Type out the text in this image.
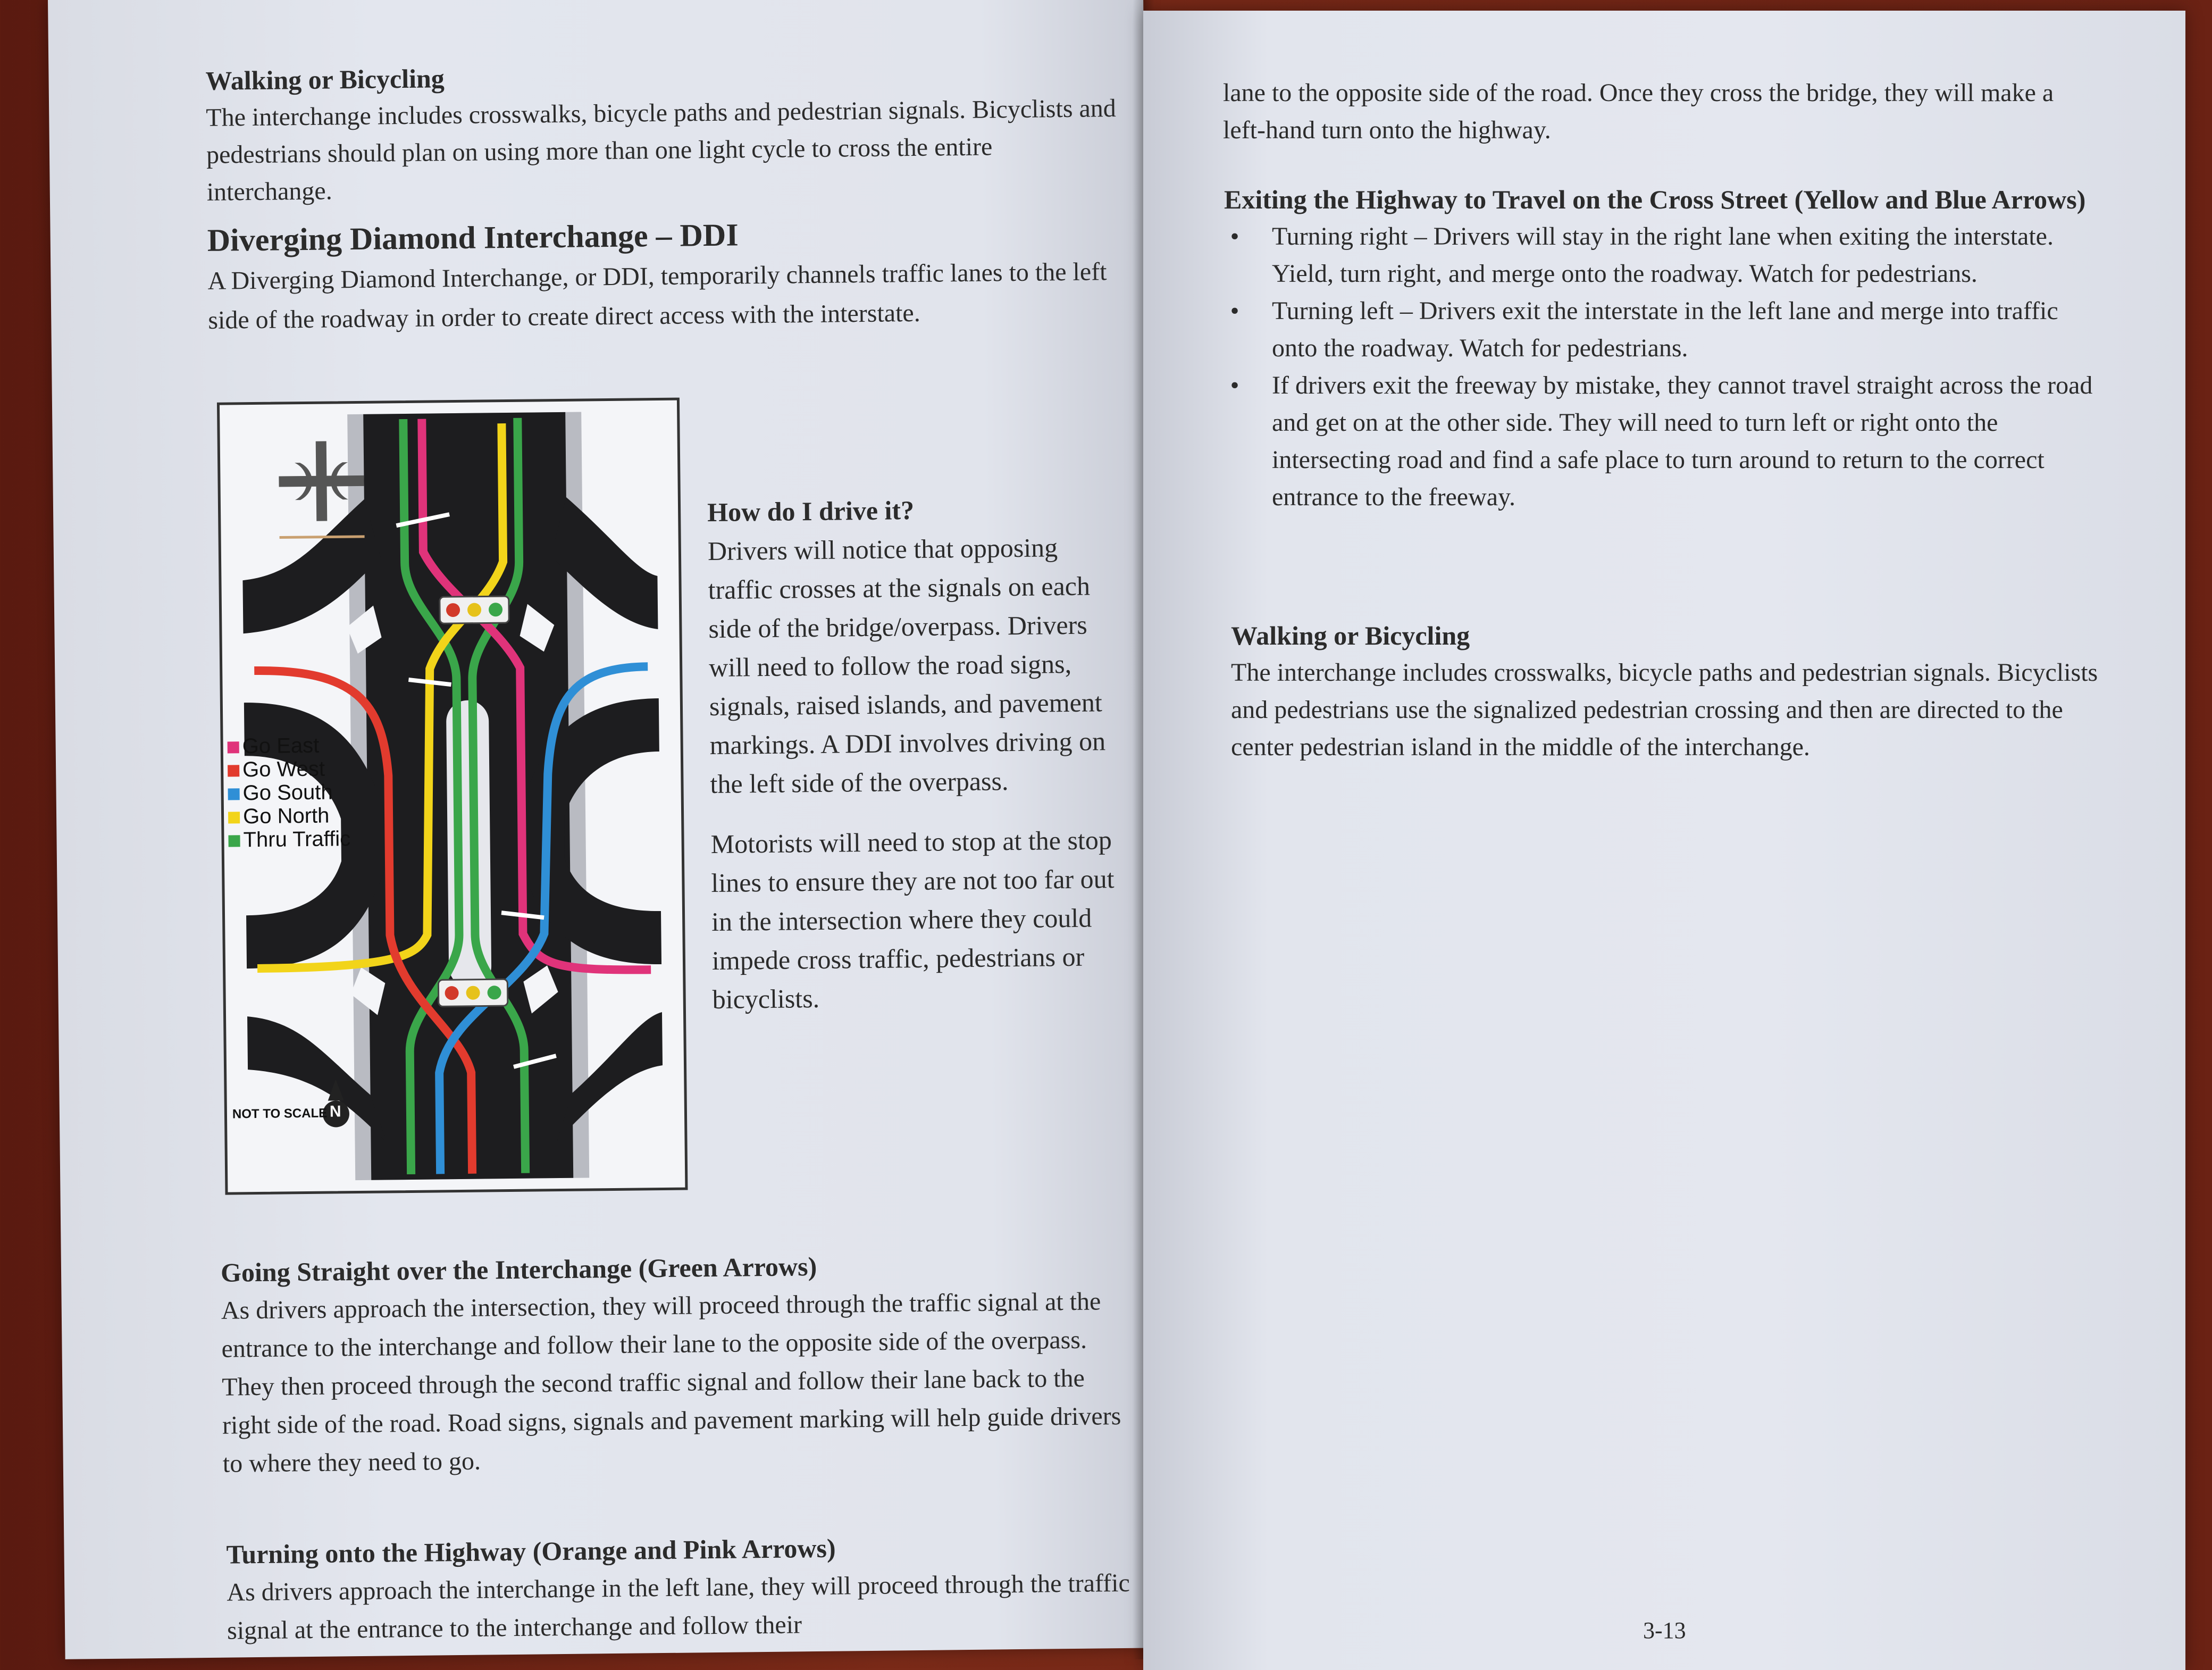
Walking or Bicycling

The interchange includes crosswalks, bicycle paths and pedestrian signals. Bicyclists and pedestrians should plan on using more than one light cycle to cross the entire interchange.

Diverging Diamond Interchange – DDI

A Diverging Diamond Interchange, or DDI, temporarily channels traffic lanes to the left side of the roadway in order to create direct access with the interstate.

Go East
Go West
Go South
Go North
Thru Traffic
NOT TO SCALE N

How do I drive it?

Drivers will notice that opposing traffic crosses at the signals on each side of the bridge/overpass. Drivers will need to follow the road signs, signals, raised islands, and pavement markings. A DDI involves driving on the left side of the overpass.

Motorists will need to stop at the stop lines to ensure they are not too far out in the intersection where they could impede cross traffic, pedestrians or bicyclists.

Going Straight over the Interchange (Green Arrows)

As drivers approach the intersection, they will proceed through the traffic signal at the entrance to the interchange and follow their lane to the opposite side of the overpass. They then proceed through the second traffic signal and follow their lane back to the right side of the road. Road signs, signals and pavement marking will help guide drivers to where they need to go.

Turning onto the Highway (Orange and Pink Arrows)

As drivers approach the interchange in the left lane, they will proceed through the traffic signal at the entrance to the interchange and follow their

lane to the opposite side of the road. Once they cross the bridge, they will make a left-hand turn onto the highway.

Exiting the Highway to Travel on the Cross Street (Yellow and Blue Arrows)

• Turning right – Drivers will stay in the right lane when exiting the interstate. Yield, turn right, and merge onto the roadway. Watch for pedestrians.
• Turning left – Drivers exit the interstate in the left lane and merge into traffic onto the roadway. Watch for pedestrians.
• If drivers exit the freeway by mistake, they cannot travel straight across the road and get on at the other side. They will need to turn left or right onto the intersecting road and find a safe place to turn around to return to the correct entrance to the freeway.

Walking or Bicycling

The interchange includes crosswalks, bicycle paths and pedestrian signals. Bicyclists and pedestrians use the signalized pedestrian crossing and then are directed to the center pedestrian island in the middle of the interchange.

3-13
